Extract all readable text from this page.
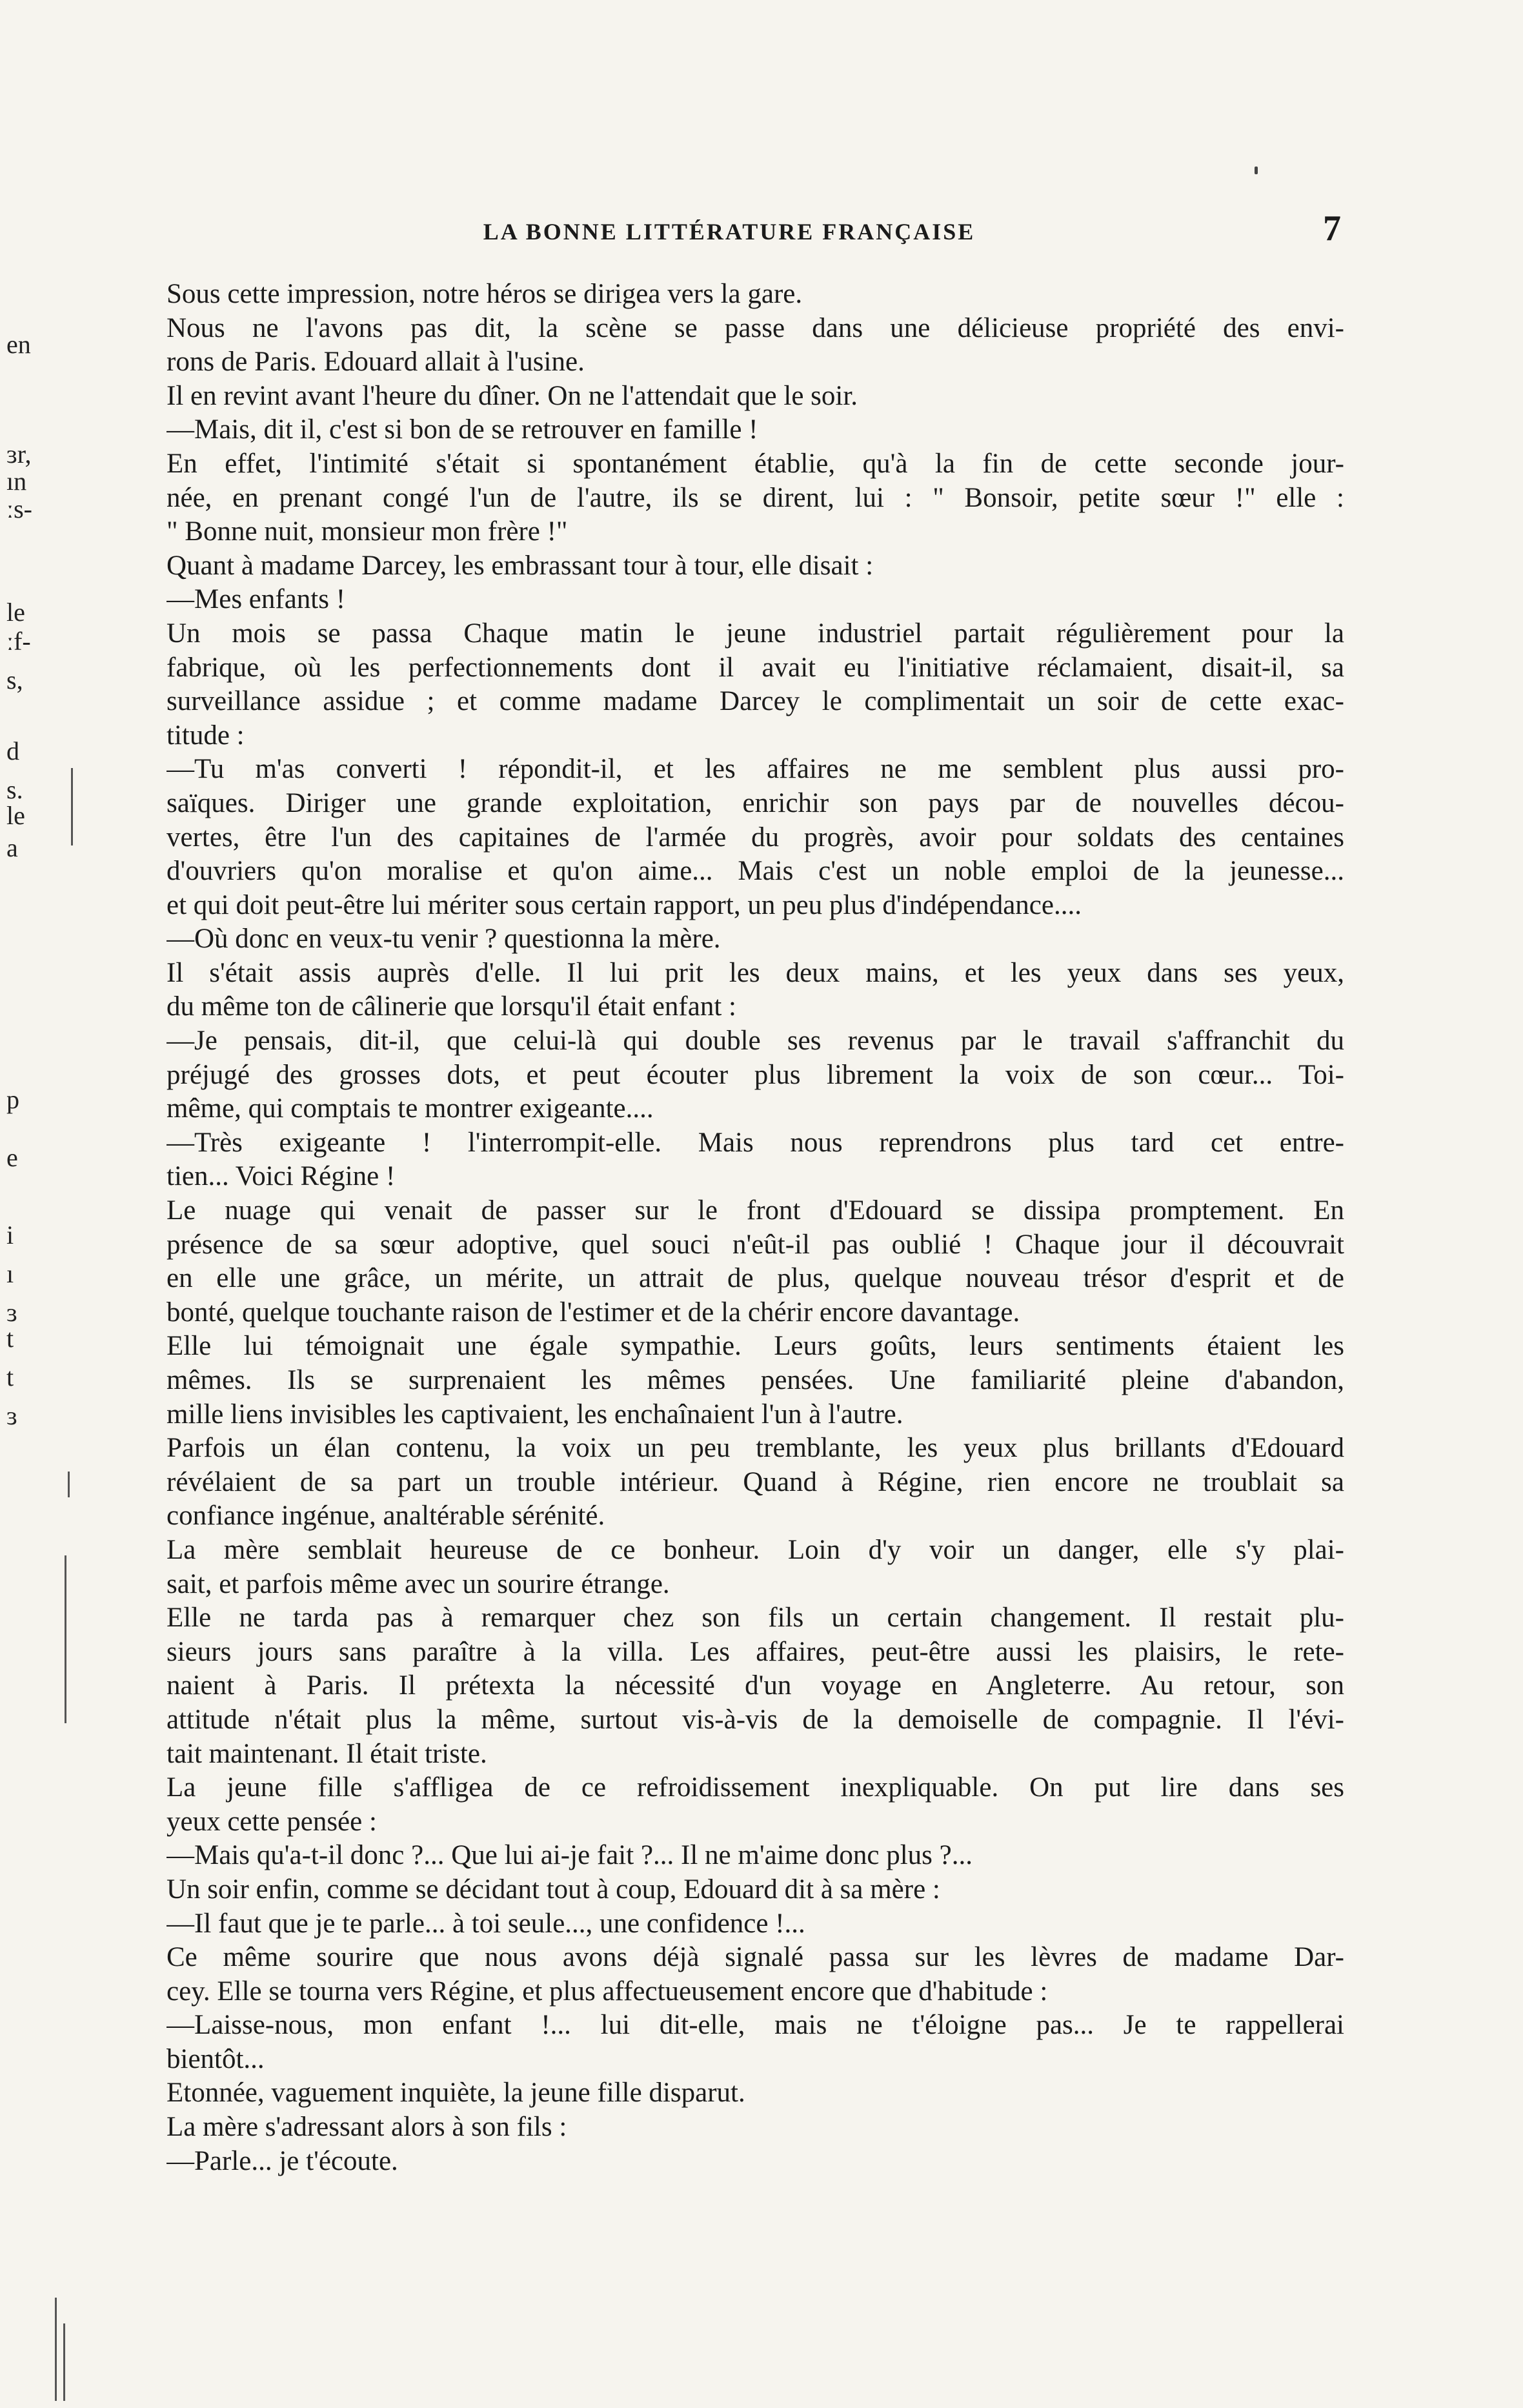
LA BONNE LITTÉRATURE FRANÇAISE	7
en
ɜr,
ın
ːs-
le
ːf-
s,
d
s.
le
a
p
e
i
ı
ɜ
t
t
ɜ
Sous cette impression, notre héros se dirigea vers la gare.
Nous ne l'avons pas dit, la scène se passe dans une délicieuse propriété des envi-
rons de Paris. Edouard allait à l'usine.
Il en revint avant l'heure du dîner. On ne l'attendait que le soir.
—Mais, dit il, c'est si bon de se retrouver en famille !
En effet, l'intimité s'était si spontanément établie, qu'à la fin de cette seconde jour-
née, en prenant congé l'un de l'autre, ils se dirent, lui : " Bonsoir, petite sœur !" elle :
" Bonne nuit, monsieur mon frère !"
Quant à madame Darcey, les embrassant tour à tour, elle disait :
—Mes enfants !
Un mois se passa Chaque matin le jeune industriel partait régulièrement pour la
fabrique, où les perfectionnements dont il avait eu l'initiative réclamaient, disait-il, sa
surveillance assidue ; et comme madame Darcey le complimentait un soir de cette exac-
titude :
—Tu m'as converti ! répondit-il, et les affaires ne me semblent plus aussi pro-
saïques. Diriger une grande exploitation, enrichir son pays par de nouvelles décou-
vertes, être l'un des capitaines de l'armée du progrès, avoir pour soldats des centaines
d'ouvriers qu'on moralise et qu'on aime... Mais c'est un noble emploi de la jeunesse...
et qui doit peut-être lui mériter sous certain rapport, un peu plus d'indépendance....
—Où donc en veux-tu venir ? questionna la mère.
Il s'était assis auprès d'elle. Il lui prit les deux mains, et les yeux dans ses yeux,
du même ton de câlinerie que lorsqu'il était enfant :
—Je pensais, dit-il, que celui-là qui double ses revenus par le travail s'affranchit du
préjugé des grosses dots, et peut écouter plus librement la voix de son cœur... Toi-
même, qui comptais te montrer exigeante....
—Très exigeante ! l'interrompit-elle. Mais nous reprendrons plus tard cet entre-
tien... Voici Régine !
Le nuage qui venait de passer sur le front d'Edouard se dissipa promptement. En
présence de sa sœur adoptive, quel souci n'eût-il pas oublié ! Chaque jour il découvrait
en elle une grâce, un mérite, un attrait de plus, quelque nouveau trésor d'esprit et de
bonté, quelque touchante raison de l'estimer et de la chérir encore davantage.
Elle lui témoignait une égale sympathie. Leurs goûts, leurs sentiments étaient les
mêmes. Ils se surprenaient les mêmes pensées. Une familiarité pleine d'abandon,
mille liens invisibles les captivaient, les enchaînaient l'un à l'autre.
Parfois un élan contenu, la voix un peu tremblante, les yeux plus brillants d'Edouard
révélaient de sa part un trouble intérieur. Quand à Régine, rien encore ne troublait sa
confiance ingénue, analtérable sérénité.
La mère semblait heureuse de ce bonheur. Loin d'y voir un danger, elle s'y plai-
sait, et parfois même avec un sourire étrange.
Elle ne tarda pas à remarquer chez son fils un certain changement. Il restait plu-
sieurs jours sans paraître à la villa. Les affaires, peut-être aussi les plaisirs, le rete-
naient à Paris. Il prétexta la nécessité d'un voyage en Angleterre. Au retour, son
attitude n'était plus la même, surtout vis-à-vis de la demoiselle de compagnie. Il l'évi-
tait maintenant. Il était triste.
La jeune fille s'affligea de ce refroidissement inexpliquable. On put lire dans ses
yeux cette pensée :
—Mais qu'a-t-il donc ?... Que lui ai-je fait ?... Il ne m'aime donc plus ?...
Un soir enfin, comme se décidant tout à coup, Edouard dit à sa mère :
—Il faut que je te parle... à toi seule..., une confidence !...
Ce même sourire que nous avons déjà signalé passa sur les lèvres de madame Dar-
cey. Elle se tourna vers Régine, et plus affectueusement encore que d'habitude :
—Laisse-nous, mon enfant !... lui dit-elle, mais ne t'éloigne pas... Je te rappellerai
bientôt...
Etonnée, vaguement inquiète, la jeune fille disparut.
La mère s'adressant alors à son fils :
—Parle... je t'écoute.
